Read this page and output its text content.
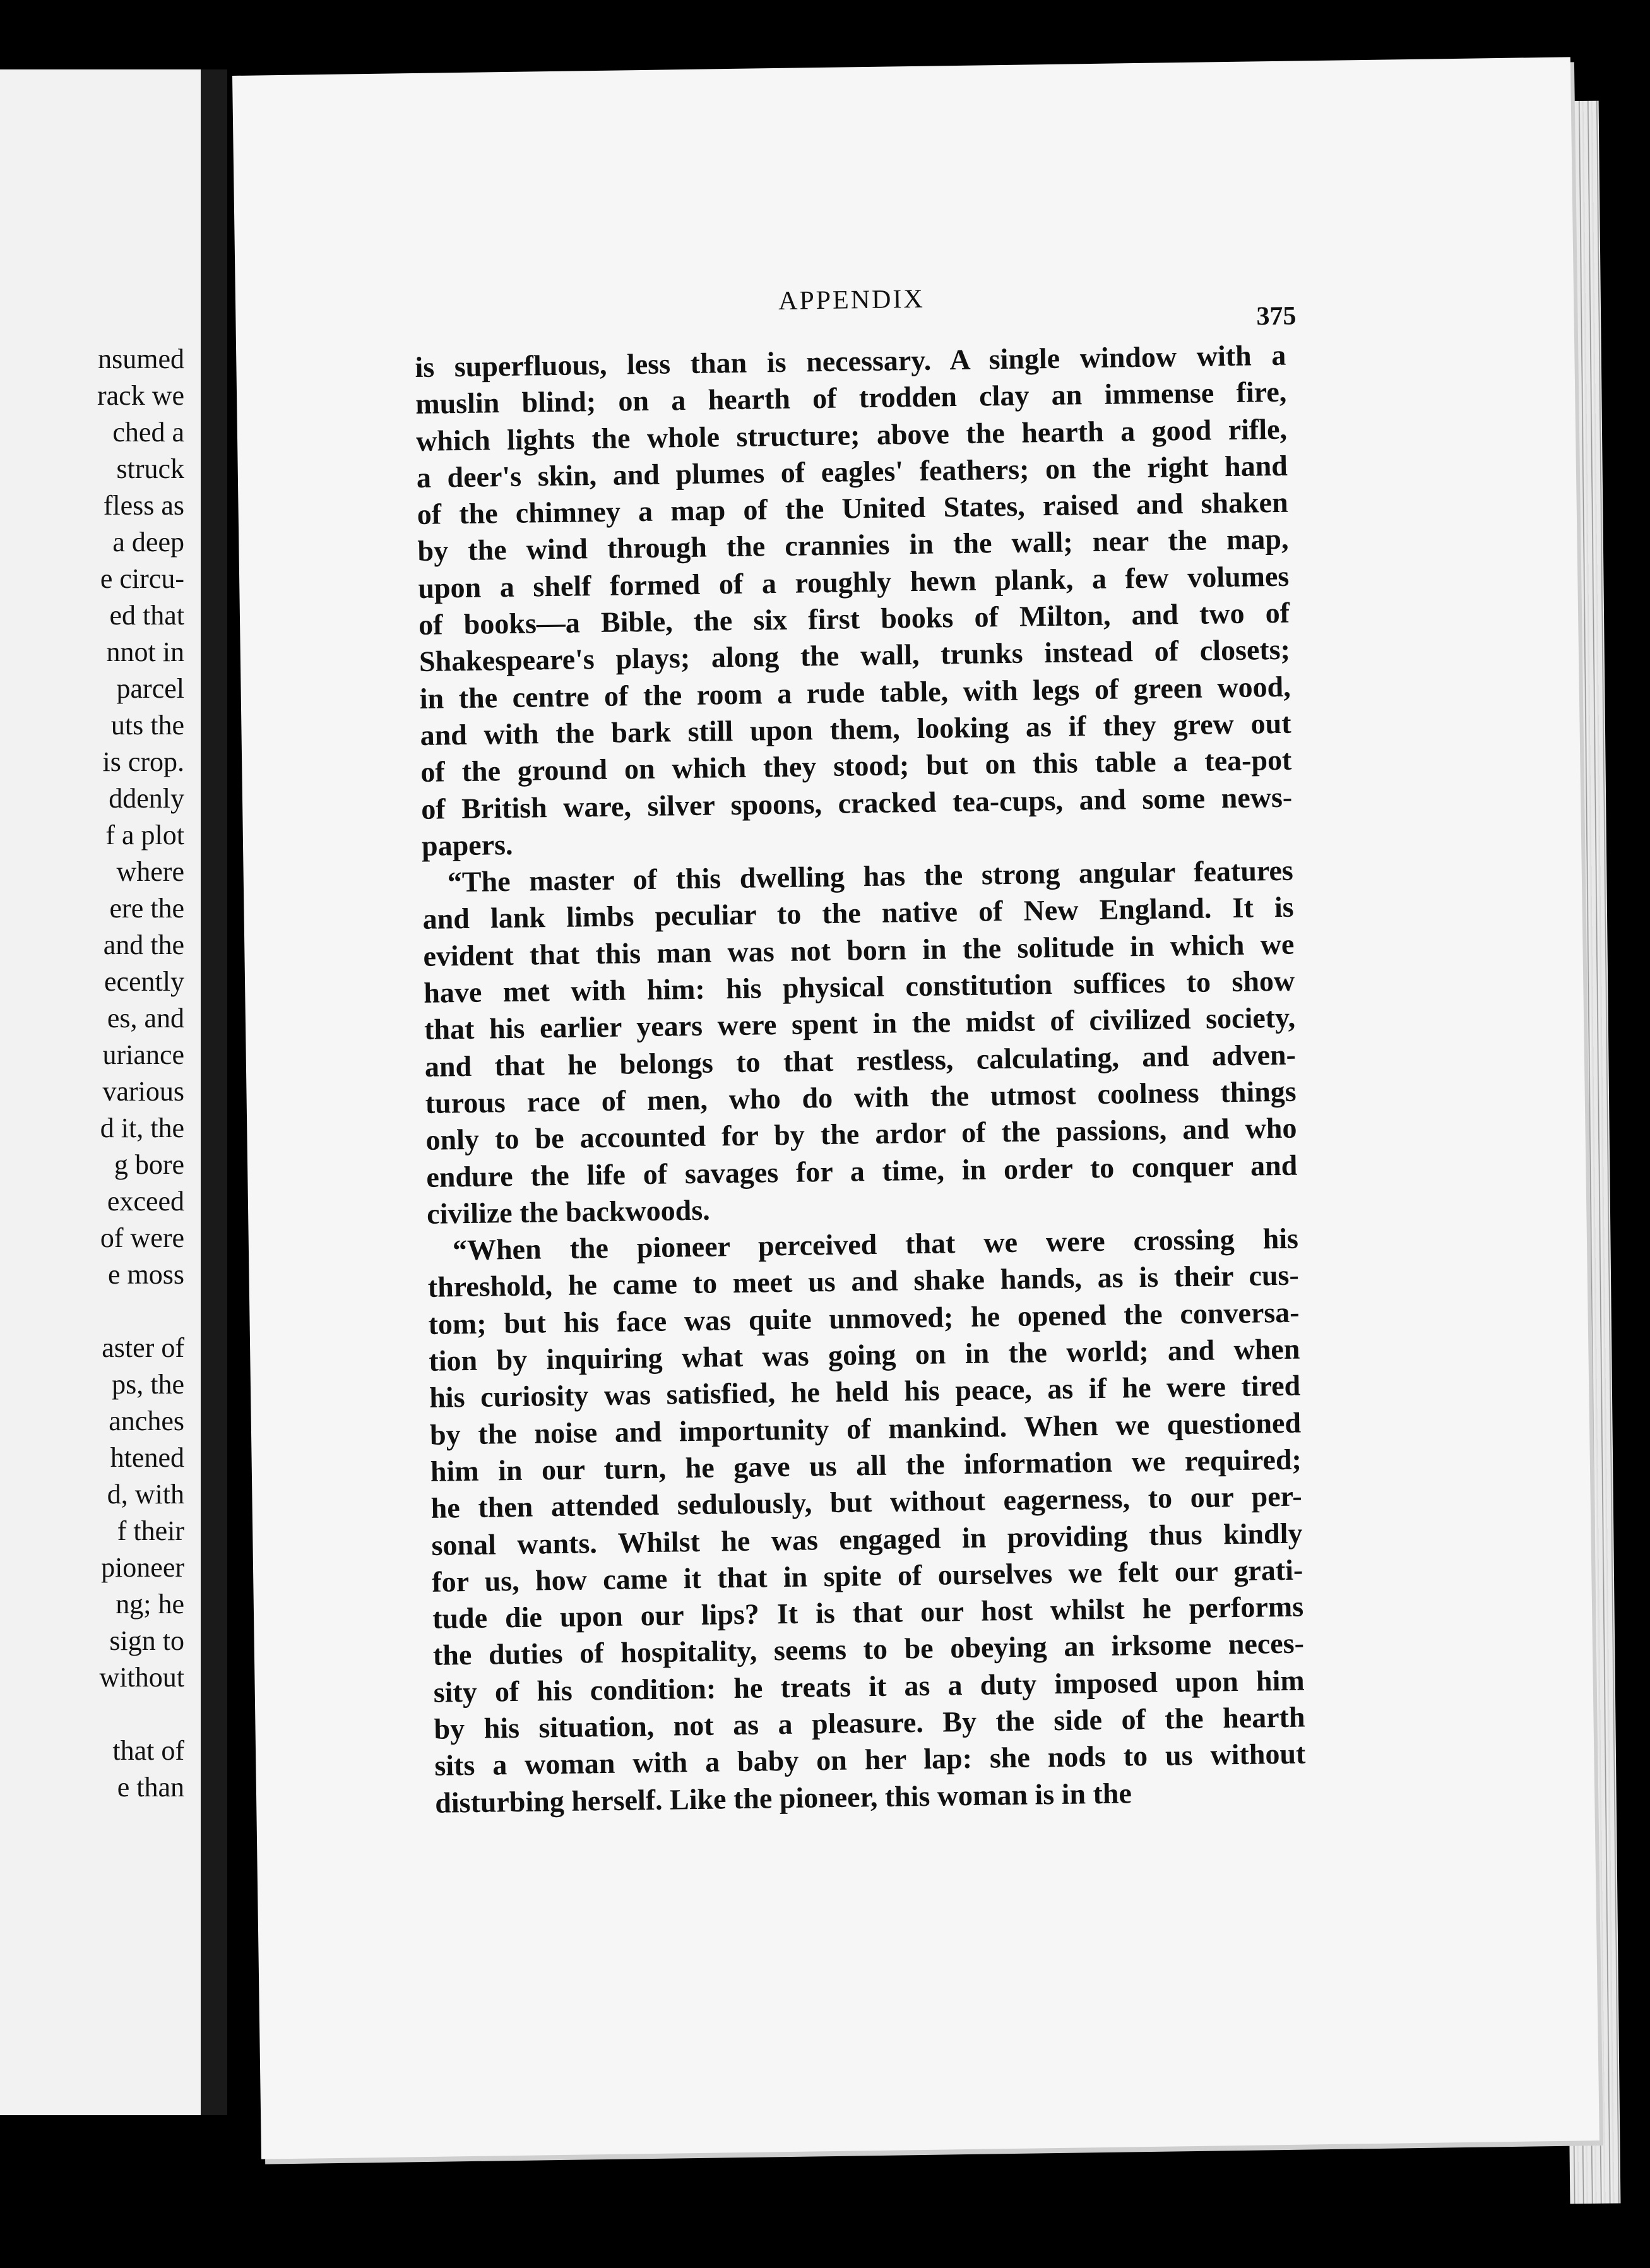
nsumed
rack we
ched a
struck
fless as
a deep
e circu-
ed that
nnot in
parcel
uts the
is crop.
ddenly
f a plot
where
ere the
and the
ecently
es, and
uriance
various
d it, the
g bore
exceed
of were
e moss
aster of
ps, the
anches
htened
d, with
f their
pioneer
ng; he
sign to
without
that of
e than
APPENDIX
375
is superfluous, less than is necessary. A single window with a
muslin blind; on a hearth of trodden clay an immense fire,
which lights the whole structure; above the hearth a good rifle,
a deer's skin, and plumes of eagles' feathers; on the right hand
of the chimney a map of the United States, raised and shaken
by the wind through the crannies in the wall; near the map,
upon a shelf formed of a roughly hewn plank, a few volumes
of books—a Bible, the six first books of Milton, and two of
Shakespeare's plays; along the wall, trunks instead of closets;
in the centre of the room a rude table, with legs of green wood,
and with the bark still upon them, looking as if they grew out
of the ground on which they stood; but on this table a tea-pot
of British ware, silver spoons, cracked tea-cups, and some news-
papers.
“The master of this dwelling has the strong angular features
and lank limbs peculiar to the native of New England. It is
evident that this man was not born in the solitude in which we
have met with him: his physical constitution suffices to show
that his earlier years were spent in the midst of civilized society,
and that he belongs to that restless, calculating, and adven-
turous race of men, who do with the utmost coolness things
only to be accounted for by the ardor of the passions, and who
endure the life of savages for a time, in order to conquer and
civilize the backwoods.
“When the pioneer perceived that we were crossing his
threshold, he came to meet us and shake hands, as is their cus-
tom; but his face was quite unmoved; he opened the conversa-
tion by inquiring what was going on in the world; and when
his curiosity was satisfied, he held his peace, as if he were tired
by the noise and importunity of mankind. When we questioned
him in our turn, he gave us all the information we required;
he then attended sedulously, but without eagerness, to our per-
sonal wants. Whilst he was engaged in providing thus kindly
for us, how came it that in spite of ourselves we felt our grati-
tude die upon our lips? It is that our host whilst he performs
the duties of hospitality, seems to be obeying an irksome neces-
sity of his condition: he treats it as a duty imposed upon him
by his situation, not as a pleasure. By the side of the hearth
sits a woman with a baby on her lap: she nods to us without
disturbing herself. Like the pioneer, this woman is in the
